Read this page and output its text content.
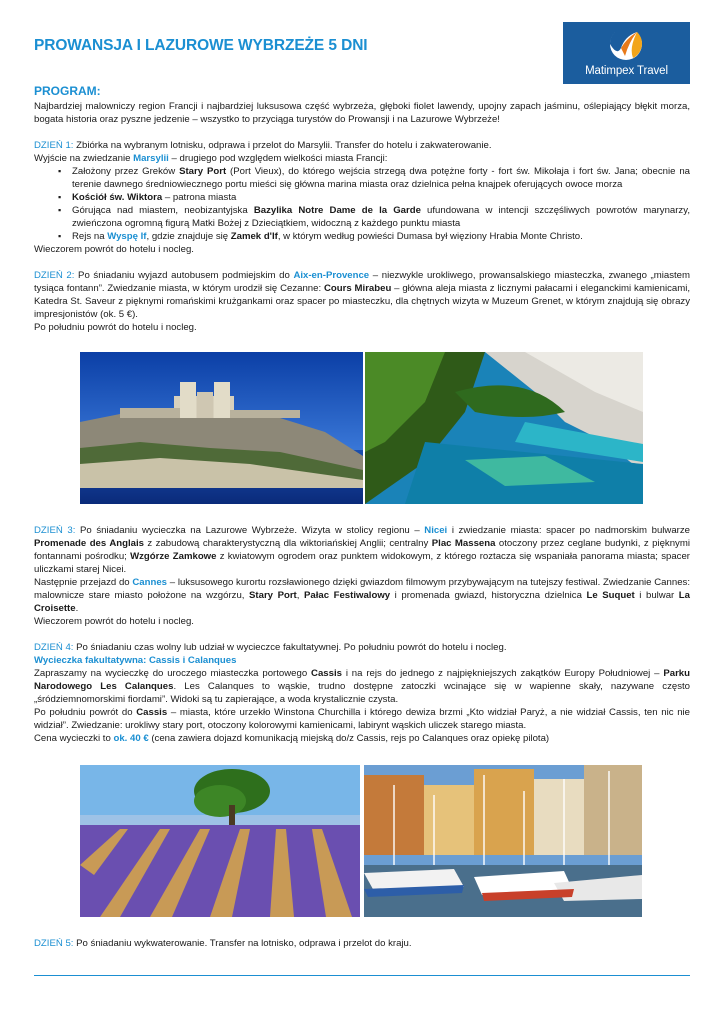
PROWANSJA I LAZUROWE WYBRZEŻE 5 DNI
Matimpex Travel
PROGRAM:

Najbardziej malowniczy region Francji i najbardziej luksusowa część wybrzeża, głęboki fiolet lawendy, upojny zapach jaśminu, oślepiający błękit morza, bogata historia oraz pyszne jedzenie – wszystko to przyciąga turystów do Prowansji i na Lazurowe Wybrzeże!

DZIEŃ 1: Zbiórka na wybranym lotnisku, odprawa i przelot do Marsylii. Transfer do hotelu i zakwaterowanie.

Wyjście na zwiedzanie Marsylii – drugiego pod względem wielkości miasta Francji:

▪ Założony przez Greków Stary Port (Port Vieux), do którego wejścia strzegą dwa potężne forty - fort św. Mikołaja i fort św. Jana; obecnie na terenie dawnego średniowiecznego portu mieści się główna marina miasta oraz dzielnica pełna knajpek oferujących owoce morza
▪ Kościół św. Wiktora – patrona miasta
▪ Górująca nad miastem, neobizantyjska Bazylika Notre Dame de la Garde ufundowana w intencji szczęśliwych powrotów marynarzy, zwieńczona ogromną figurą Matki Bożej z Dzieciątkiem, widoczną z każdego punktu miasta
▪ Rejs na Wyspę If, gdzie znajduje się Zamek d'If, w którym według powieści Dumasa był więziony Hrabia Monte Christo.

Wieczorem powrót do hotelu i nocleg.

DZIEŃ 2: Po śniadaniu wyjazd autobusem podmiejskim do Aix-en-Provence – niezwykle urokliwego, prowansalskiego miasteczka, zwanego „miastem tysiąca fontann”. Zwiedzanie miasta, w którym urodził się Cezanne: Cours Mirabeu – główna aleja miasta z licznymi pałacami i eleganckimi kamienicami, Katedra St. Saveur z pięknymi romańskimi krużgankami oraz spacer po miasteczku, dla chętnych wizyta w Muzeum Grenet, w którym znajdują się obrazy impresjonistów (ok. 5 €).

Po południu powrót do hotelu i nocleg.

DZIEŃ 3: Po śniadaniu wycieczka na Lazurowe Wybrzeże. Wizyta w stolicy regionu – Nicei i zwiedzanie miasta: spacer po nadmorskim bulwarze Promenade des Anglais z zabudową charakterystyczną dla wiktoriańskiej Anglii; centralny Plac Massena otoczony przez ceglane budynki, z pięknymi fontannami pośrodku; Wzgórze Zamkowe z kwiatowym ogrodem oraz punktem widokowym, z którego roztacza się wspaniała panorama miasta; spacer uliczkami starej Nicei.

Następnie przejazd do Cannes – luksusowego kurortu rozsławionego dzięki gwiazdom filmowym przybywającym na tutejszy festiwal. Zwiedzanie Cannes: malownicze stare miasto położone na wzgórzu, Stary Port, Pałac Festiwalowy i promenada gwiazd, historyczna dzielnica Le Suquet i bulwar La Croisette.

Wieczorem powrót do hotelu i nocleg.

DZIEŃ 4: Po śniadaniu czas wolny lub udział w wycieczce fakultatywnej. Po południu powrót do hotelu i nocleg.

Wycieczka fakultatywna: Cassis i Calanques

Zapraszamy na wycieczkę do uroczego miasteczka portowego Cassis i na rejs do jednego z najpiękniejszych zakątków Europy Południowej – Parku Narodowego Les Calanques. Les Calanques to wąskie, trudno dostępne zatoczki wcinające się w wapienne skały, nazywane często „śródziemnomorskimi fiordami”. Widoki są tu zapierające, a woda krystalicznie czysta.

Po południu powrót do Cassis – miasta, które urzekło Winstona Churchilla i którego dewiza brzmi „Kto widział Paryż, a nie widział Cassis, ten nic nie widział”. Zwiedzanie: urokliwy stary port, otoczony kolorowymi kamienicami, labirynt wąskich uliczek starego miasta.

Cena wycieczki to ok. 40 € (cena zawiera dojazd komunikacją miejską do/z Cassis, rejs po Calanques oraz opiekę pilota)

DZIEŃ 5: Po śniadaniu wykwaterowanie. Transfer na lotnisko, odprawa i przelot do kraju.
